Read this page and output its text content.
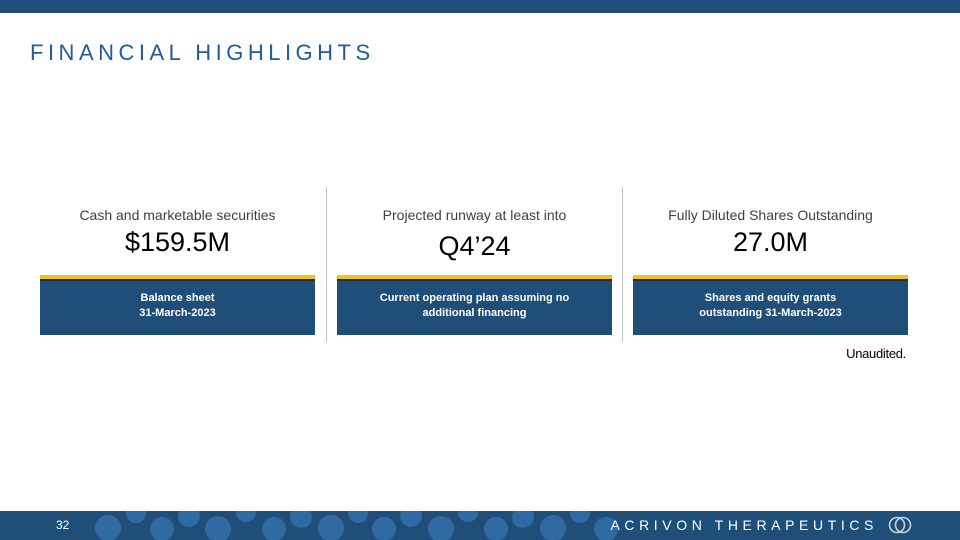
FINANCIAL HIGHLIGHTS
Cash and marketable securities
$159.5M
Balance sheet
31-March-2023
Projected runway at least into
Q4’24
Current operating plan assuming no
additional financing
Fully Diluted Shares Outstanding
27.0M
Shares and equity grants
outstanding 31-March-2023
Unaudited.
32	ACRIVON THERAPEUTICS
